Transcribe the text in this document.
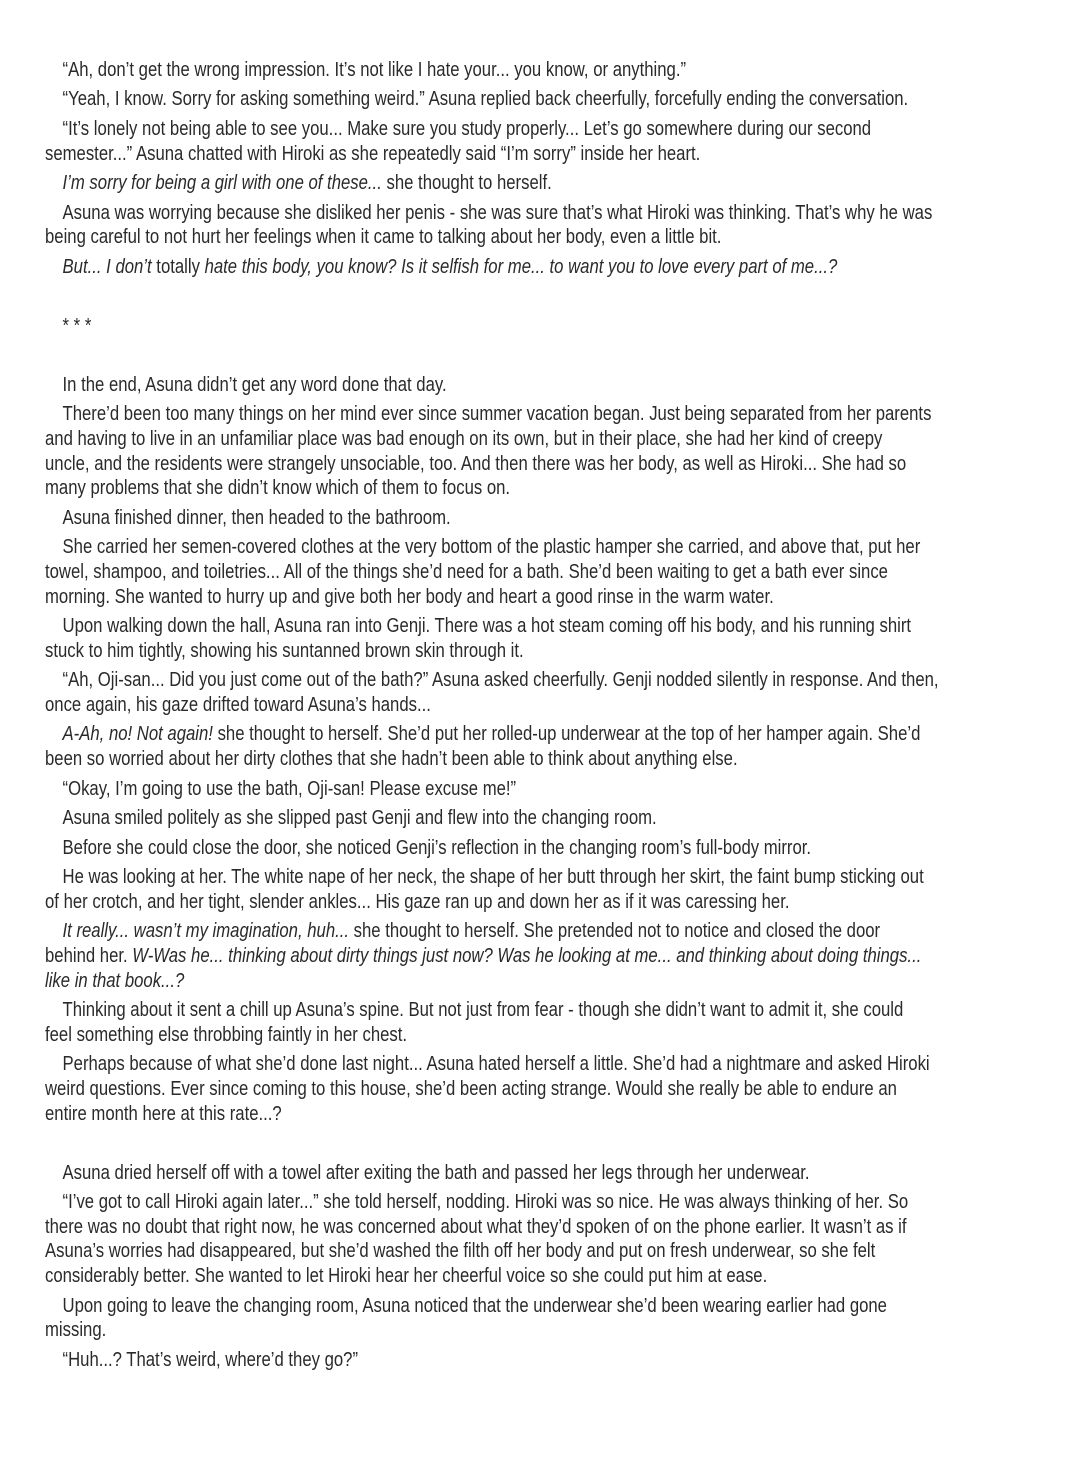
“Ah, don’t get the wrong impression. It’s not like I hate your... you know, or anything.”
“Yeah, I know. Sorry for asking something weird.” Asuna replied back cheerfully, forcefully ending the conversation.
“It’s lonely not being able to see you... Make sure you study properly... Let’s go somewhere during our second
semester...” Asuna chatted with Hiroki as she repeatedly said “I’m sorry” inside her heart.
I’m sorry for being a girl with one of these... she thought to herself.
Asuna was worrying because she disliked her penis - she was sure that’s what Hiroki was thinking. That’s why he was
being careful to not hurt her feelings when it came to talking about her body, even a little bit.
But... I don’t totally hate this body, you know? Is it selfish for me... to want you to love every part of me...?
* * *
In the end, Asuna didn’t get any word done that day.
There’d been too many things on her mind ever since summer vacation began. Just being separated from her parents
and having to live in an unfamiliar place was bad enough on its own, but in their place, she had her kind of creepy
uncle, and the residents were strangely unsociable, too. And then there was her body, as well as Hiroki... She had so
many problems that she didn’t know which of them to focus on.
Asuna finished dinner, then headed to the bathroom.
She carried her semen-covered clothes at the very bottom of the plastic hamper she carried, and above that, put her
towel, shampoo, and toiletries... All of the things she’d need for a bath. She’d been waiting to get a bath ever since
morning. She wanted to hurry up and give both her body and heart a good rinse in the warm water.
Upon walking down the hall, Asuna ran into Genji. There was a hot steam coming off his body, and his running shirt
stuck to him tightly, showing his suntanned brown skin through it.
“Ah, Oji-san... Did you just come out of the bath?” Asuna asked cheerfully. Genji nodded silently in response. And then,
once again, his gaze drifted toward Asuna’s hands...
A-Ah, no! Not again! she thought to herself. She’d put her rolled-up underwear at the top of her hamper again. She’d
been so worried about her dirty clothes that she hadn’t been able to think about anything else.
“Okay, I’m going to use the bath, Oji-san! Please excuse me!”
Asuna smiled politely as she slipped past Genji and flew into the changing room.
Before she could close the door, she noticed Genji’s reflection in the changing room’s full-body mirror.
He was looking at her. The white nape of her neck, the shape of her butt through her skirt, the faint bump sticking out
of her crotch, and her tight, slender ankles... His gaze ran up and down her as if it was caressing her.
It really... wasn’t my imagination, huh... she thought to herself. She pretended not to notice and closed the door
behind her. W-Was he... thinking about dirty things just now? Was he looking at me... and thinking about doing things...
like in that book...?
Thinking about it sent a chill up Asuna’s spine. But not just from fear - though she didn’t want to admit it, she could
feel something else throbbing faintly in her chest.
Perhaps because of what she’d done last night... Asuna hated herself a little. She’d had a nightmare and asked Hiroki
weird questions. Ever since coming to this house, she’d been acting strange. Would she really be able to endure an
entire month here at this rate...?
Asuna dried herself off with a towel after exiting the bath and passed her legs through her underwear.
“I’ve got to call Hiroki again later...” she told herself, nodding. Hiroki was so nice. He was always thinking of her. So
there was no doubt that right now, he was concerned about what they’d spoken of on the phone earlier. It wasn’t as if
Asuna’s worries had disappeared, but she’d washed the filth off her body and put on fresh underwear, so she felt
considerably better. She wanted to let Hiroki hear her cheerful voice so she could put him at ease.
Upon going to leave the changing room, Asuna noticed that the underwear she’d been wearing earlier had gone
missing.
“Huh...? That’s weird, where’d they go?”
